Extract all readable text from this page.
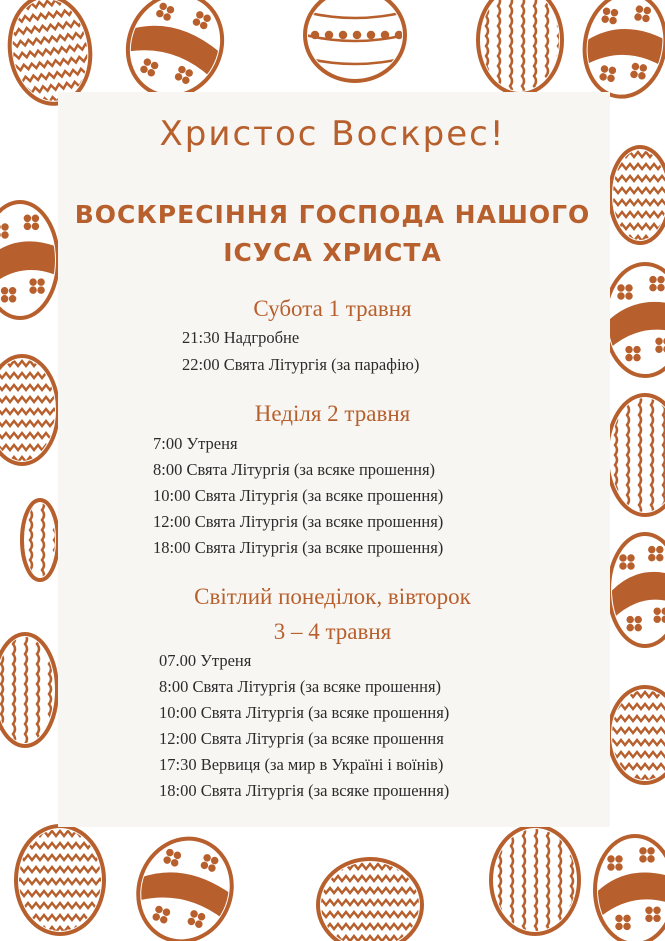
Христос Воскрес!
ВОСКРЕСІННЯ ГОСПОДА НАШОГО
ІСУСА ХРИСТА
Субота 1 травня
21:30 Надгробне
22:00 Свята Літургія (за парафію)
Неділя 2 травня
7:00 Утреня
8:00 Свята Літургія (за всяке прошення)
10:00 Свята Літургія (за всяке прошення)
12:00 Свята Літургія (за всяке прошення)
18:00 Свята Літургія (за всяке прошення)
Світлий понеділок, вівторок
3 – 4 травня
07.00 Утреня
8:00 Свята Літургія (за всяке прошення)
10:00 Свята Літургія (за всяке прошення)
12:00 Свята Літургія (за всяке прошення
17:30 Вервиця (за мир в Україні і воїнів)
18:00 Свята Літургія (за всяке прошення)
